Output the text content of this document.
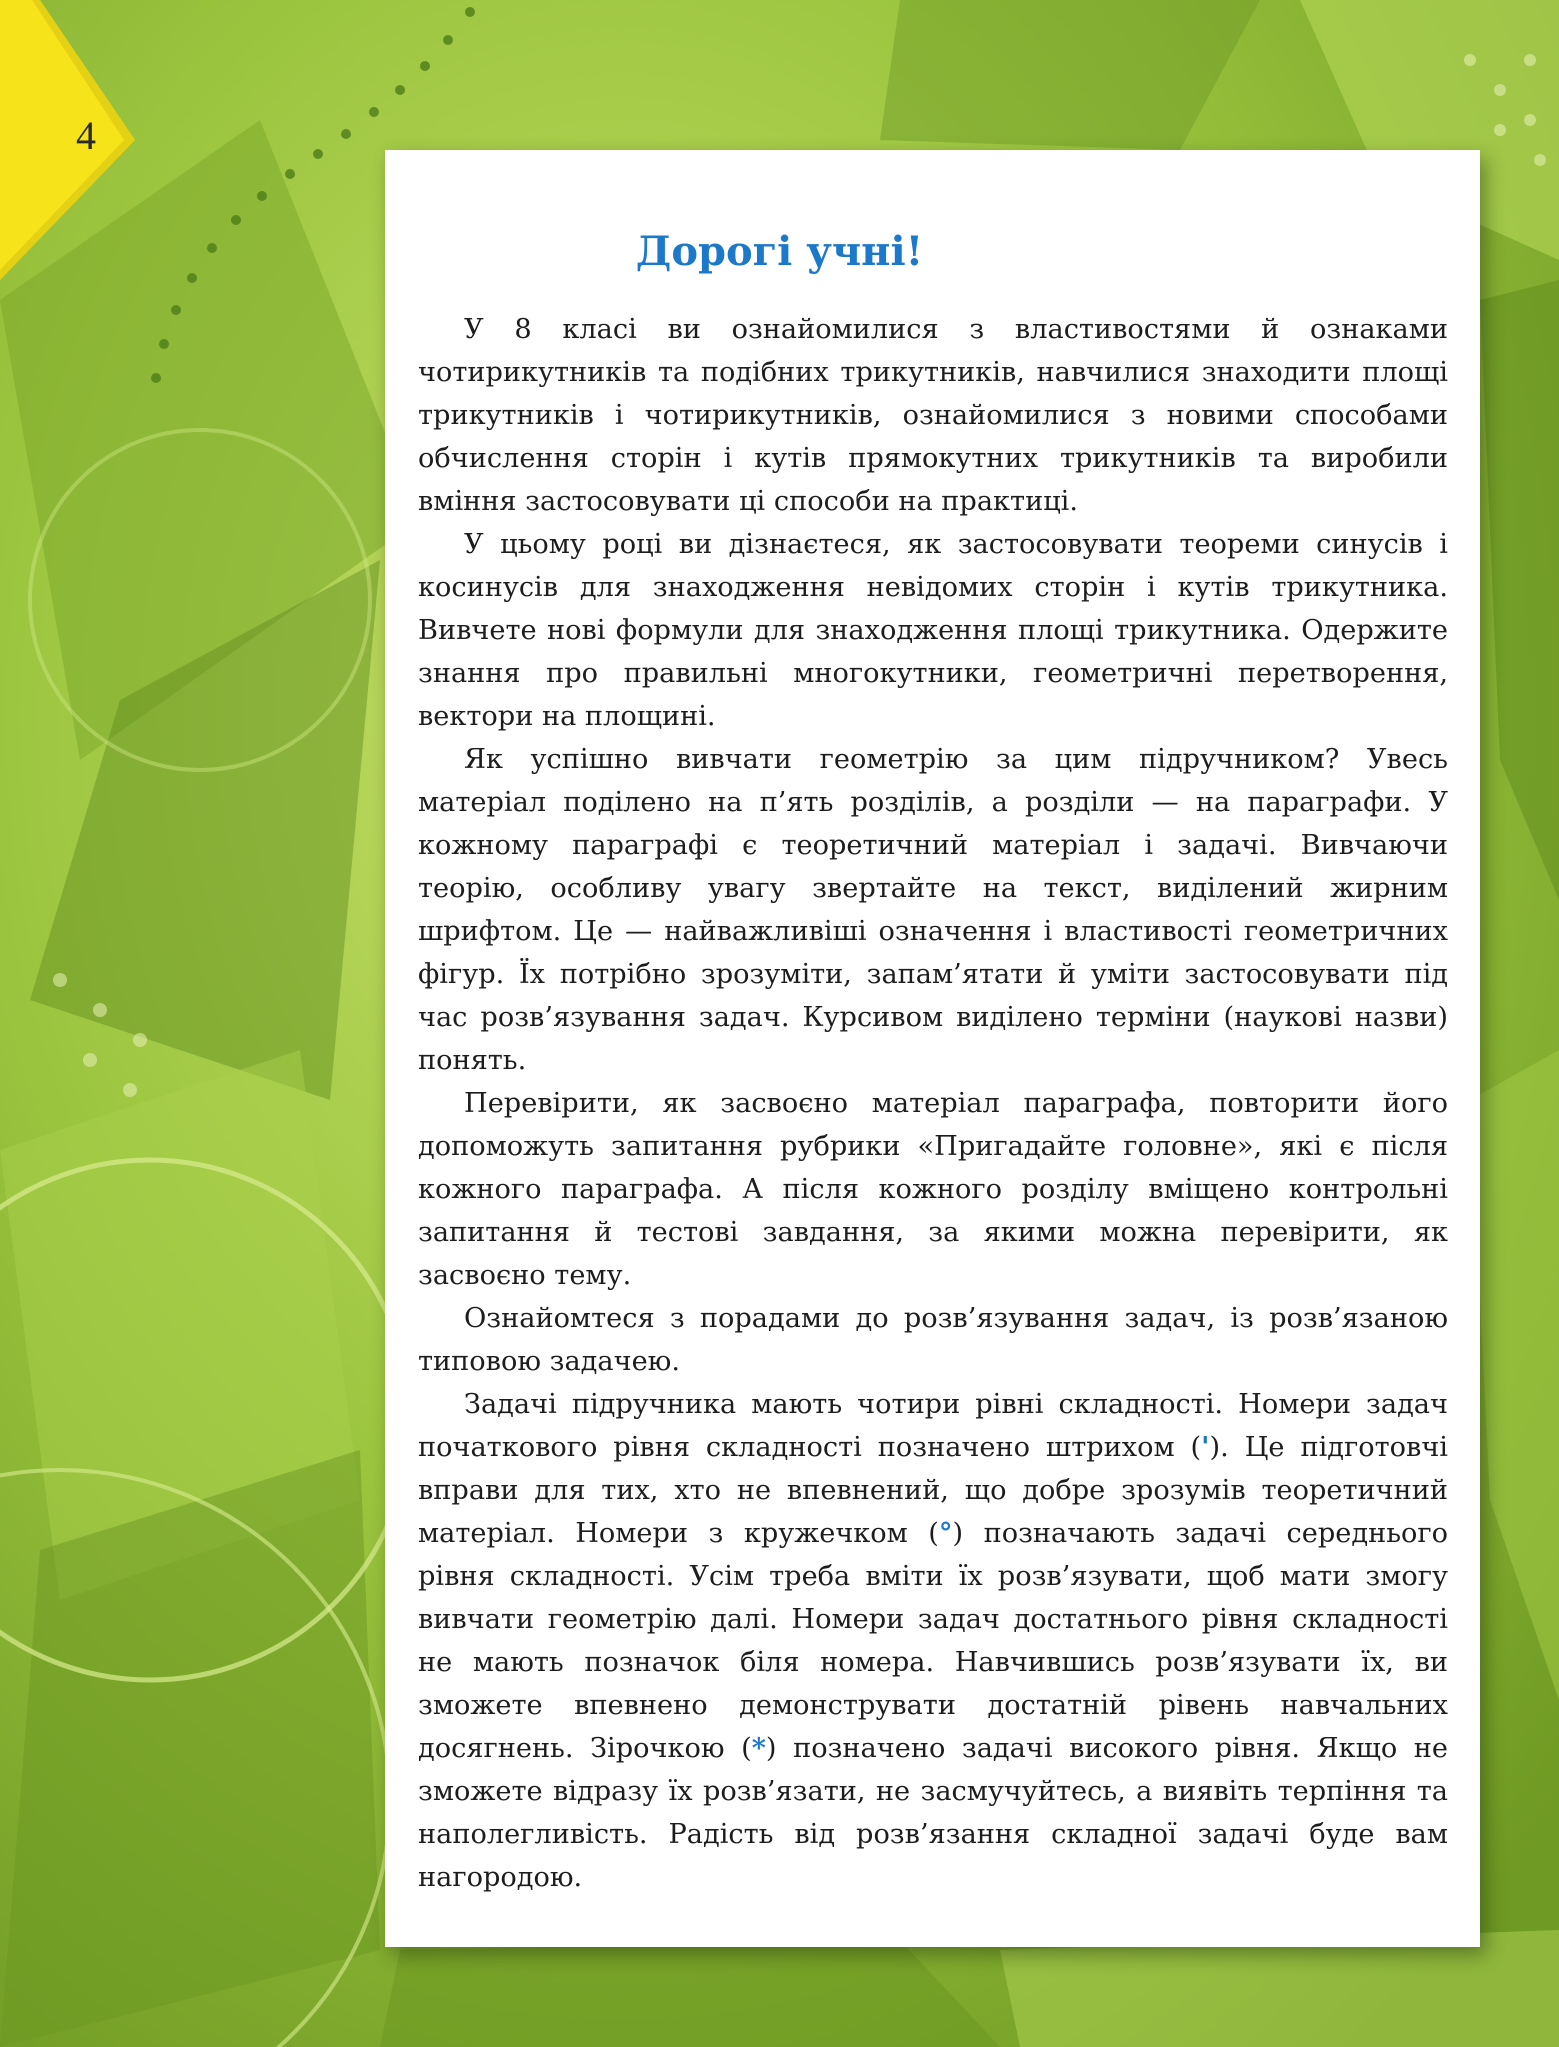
4
Дорогі учні!

У 8 класі ви ознайомилися з властивостями й ознаками чотирикутників та подібних трикутників, навчилися знаходити площі трикутників і чотирикутників, ознайомилися з новими способами обчислення сторін і кутів прямокутних трикутників та виробили вміння застосовувати ці способи на практиці.

У цьому році ви дізнаєтеся, як застосовувати теореми синусів і косинусів для знаходження невідомих сторін і кутів трикутника. Вивчете нові формули для знаходження площі трикутника. Одержите знання про правильні многокутники, геометричні перетворення, вектори на площині.

Як успішно вивчати геометрію за цим підручником? Увесь матеріал поділено на п’ять розділів, а розділи — на параграфи. У кожному параграфі є теоретичний матеріал і задачі. Вивчаючи теорію, особливу увагу звертайте на текст, виділений жирним шрифтом. Це — найважливіші означення і властивості геометричних фігур. Їх потрібно зрозуміти, запам’ятати й уміти застосовувати під час розв’язування задач. Курсивом виділено терміни (наукові назви) понять.

Перевірити, як засвоєно матеріал параграфа, повторити його допоможуть запитання рубрики «Пригадайте головне», які є після кожного параграфа. А після кожного розділу вміщено контрольні запитання й тестові завдання, за якими можна перевірити, як засвоєно тему.

Ознайомтеся з порадами до розв’язування задач, із розв’язаною типовою задачею.

Задачі підручника мають чотири рівні складності. Номери задач початкового рівня складності позначено штрихом ('). Це підготовчі вправи для тих, хто не впевнений, що добре зрозумів теоретичний матеріал. Номери з кружечком (°) позначають задачі середнього рівня складності. Усім треба вміти їх розв’язувати, щоб мати змогу вивчати геометрію далі. Номери задач достатнього рівня складності не мають позначок біля номера. Навчившись розв’язувати їх, ви зможете впевнено демонструвати достатній рівень навчальних досягнень. Зірочкою (*) позначено задачі високого рівня. Якщо не зможете відразу їх розв’язати, не засмучуйтесь, а виявіть терпіння та наполегливість. Радість від розв’язання складної задачі буде вам нагородою.
